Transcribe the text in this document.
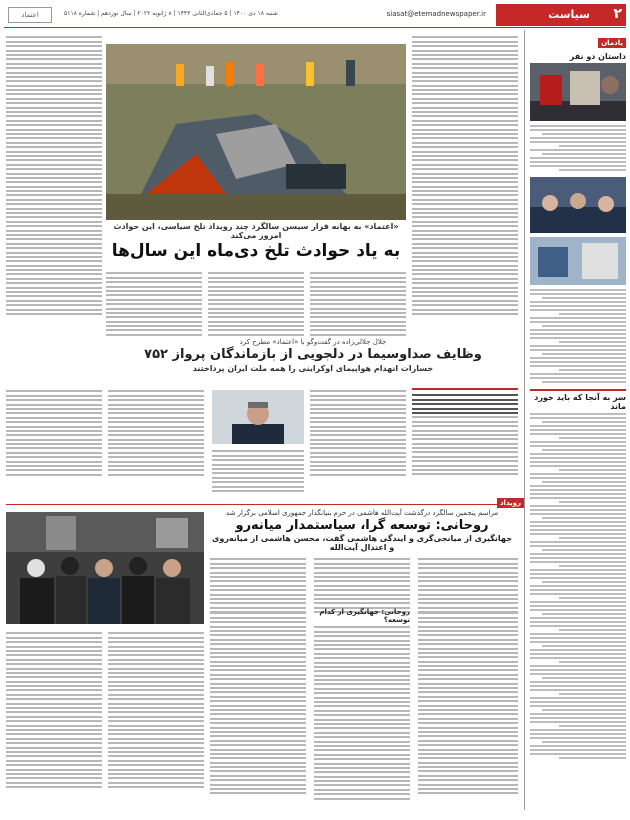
۲
سیاست
siasat@etemadnewspaper.ir
شنبه ۱۸ دی ۱۴۰۰ | ۵ جمادی‌الثانی ۱۴۴۳ | ۸ ژانویه ۲۰۲۲ | سال نوزدهم | شماره ۵۱۱۸
اعتماد
یادمان
داستان دو نفر
سر به آنجا که باید خورد ماند
«اعتماد» به بهانه قرار سیسن سالگرد چند رویداد تلخ سیاسی، این حوادث امروز می‌کند
به یاد حوادث تلخ دی‌ماه این سال‌ها
جلال جلالی‌زاده در گفت‌وگو با «اعتماد» مطرح کرد
وظایف صداوسیما در دلجویی از بازماندگان پرواز ۷۵۲
خسارات انهدام هواپیمای اوکراینی را همه ملت ایران پرداختند
رویداد
مراسم پنجمین سالگرد درگذشت آیت‌الله هاشمی در حرم بنیانگذار جمهوری اسلامی برگزار شد
روحانی: توسعه گرا، سیاستمدار میانه‌رو
جهانگیری از میانجی‌گری و ایندگی هاشمی گفت، محسن هاشمی از میانه‌روی و اعتدال آیت‌الله
روحانی: جهانگیری از کدام توسعه؟
